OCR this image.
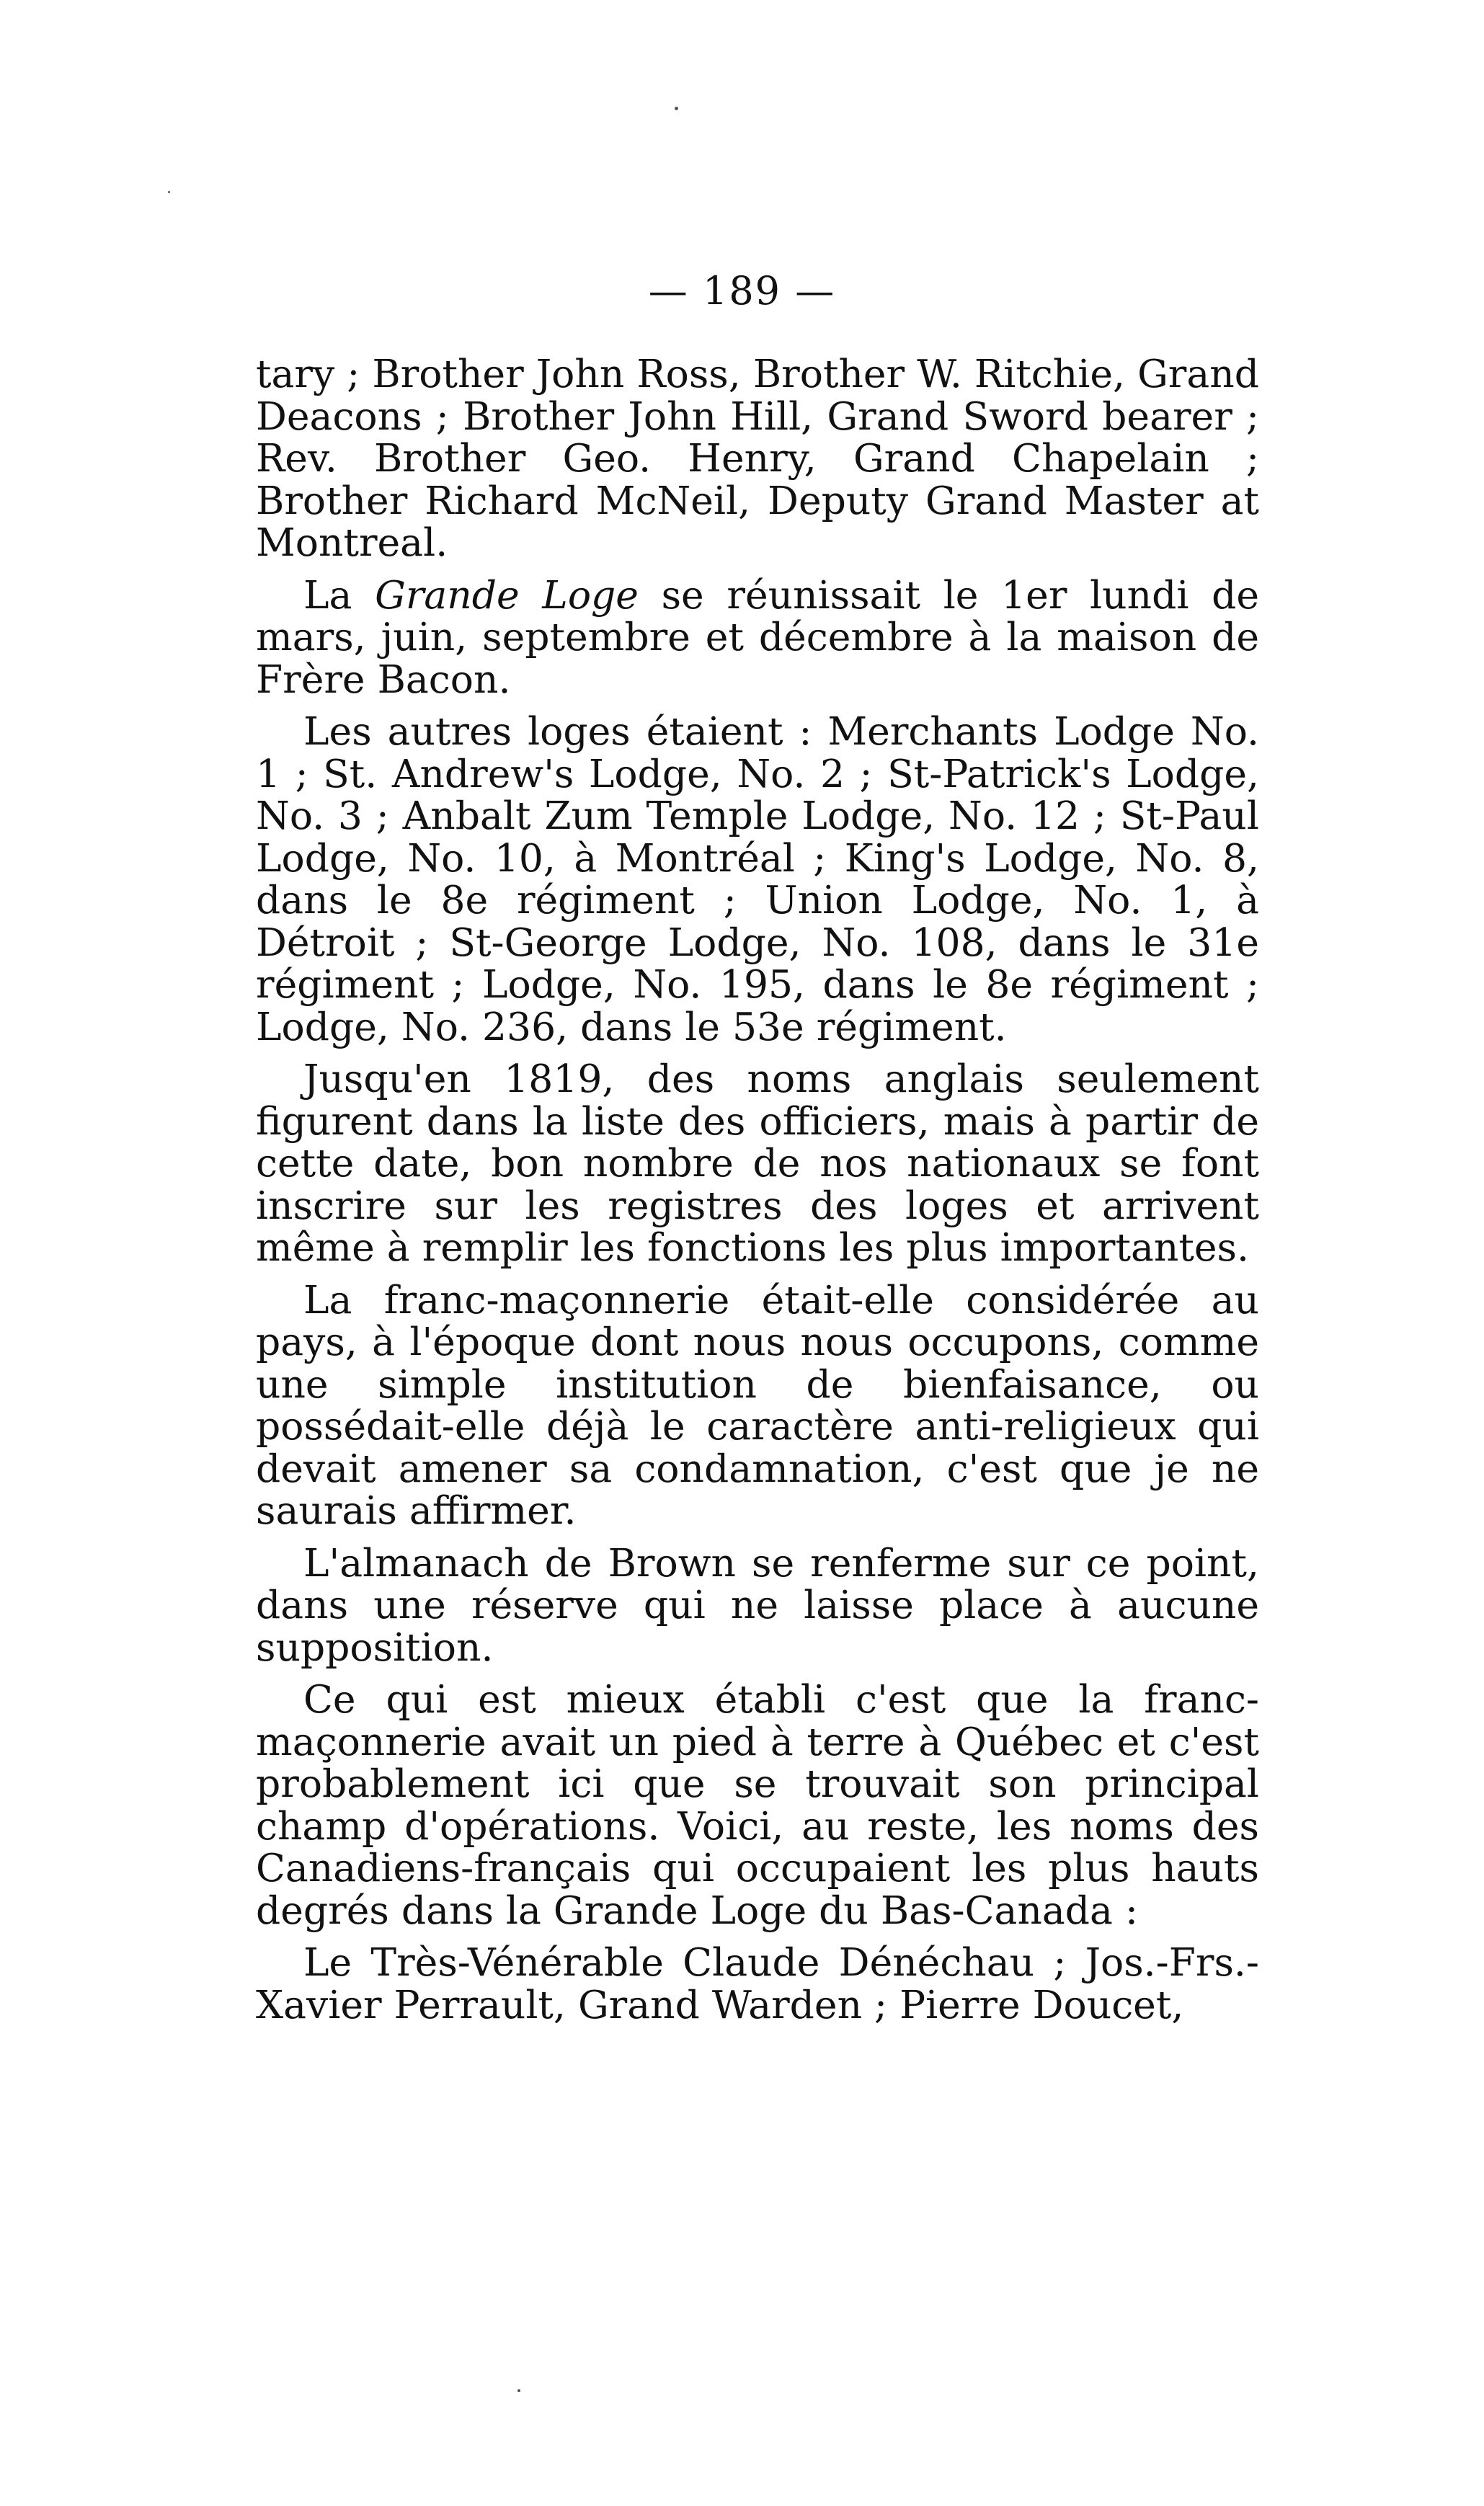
— 189 —

tary ; Brother John Ross, Brother W. Ritchie, Grand Deacons ; Brother John Hill, Grand Sword bearer ; Rev. Brother Geo. Henry, Grand Chapelain ; Brother Richard McNeil, Deputy Grand Master at Montreal.

La Grande Loge se réunissait le 1er lundi de mars, juin, septembre et décembre à la maison de Frère Bacon.

Les autres loges étaient : Merchants Lodge No. 1 ; St. Andrew's Lodge, No. 2 ; St-Patrick's Lodge, No. 3 ; Anbalt Zum Temple Lodge, No. 12 ; St-Paul Lodge, No. 10, à Montréal ; King's Lodge, No. 8, dans le 8e régiment ; Union Lodge, No. 1, à Détroit ; St-George Lodge, No. 108, dans le 31e régiment ; Lodge, No. 195, dans le 8e régiment ; Lodge, No. 236, dans le 53e régiment.

Jusqu'en 1819, des noms anglais seulement figurent dans la liste des officiers, mais à partir de cette date, bon nombre de nos nationaux se font inscrire sur les registres des loges et arrivent même à remplir les fonctions les plus importantes.

La franc-maçonnerie était-elle considérée au pays, à l'époque dont nous nous occupons, comme une simple institution de bienfaisance, ou possédait-elle déjà le caractère anti-religieux qui devait amener sa condamnation, c'est que je ne saurais affirmer.

L'almanach de Brown se renferme sur ce point, dans une réserve qui ne laisse place à aucune supposition.

Ce qui est mieux établi c'est que la franc-maçonnerie avait un pied à terre à Québec et c'est probablement ici que se trouvait son principal champ d'opérations. Voici, au reste, les noms des Canadiens-français qui occupaient les plus hauts degrés dans la Grande Loge du Bas-Canada :

Le Très-Vénérable Claude Dénéchau ; Jos.-Frs.-Xavier Perrault, Grand Warden ; Pierre Doucet,
